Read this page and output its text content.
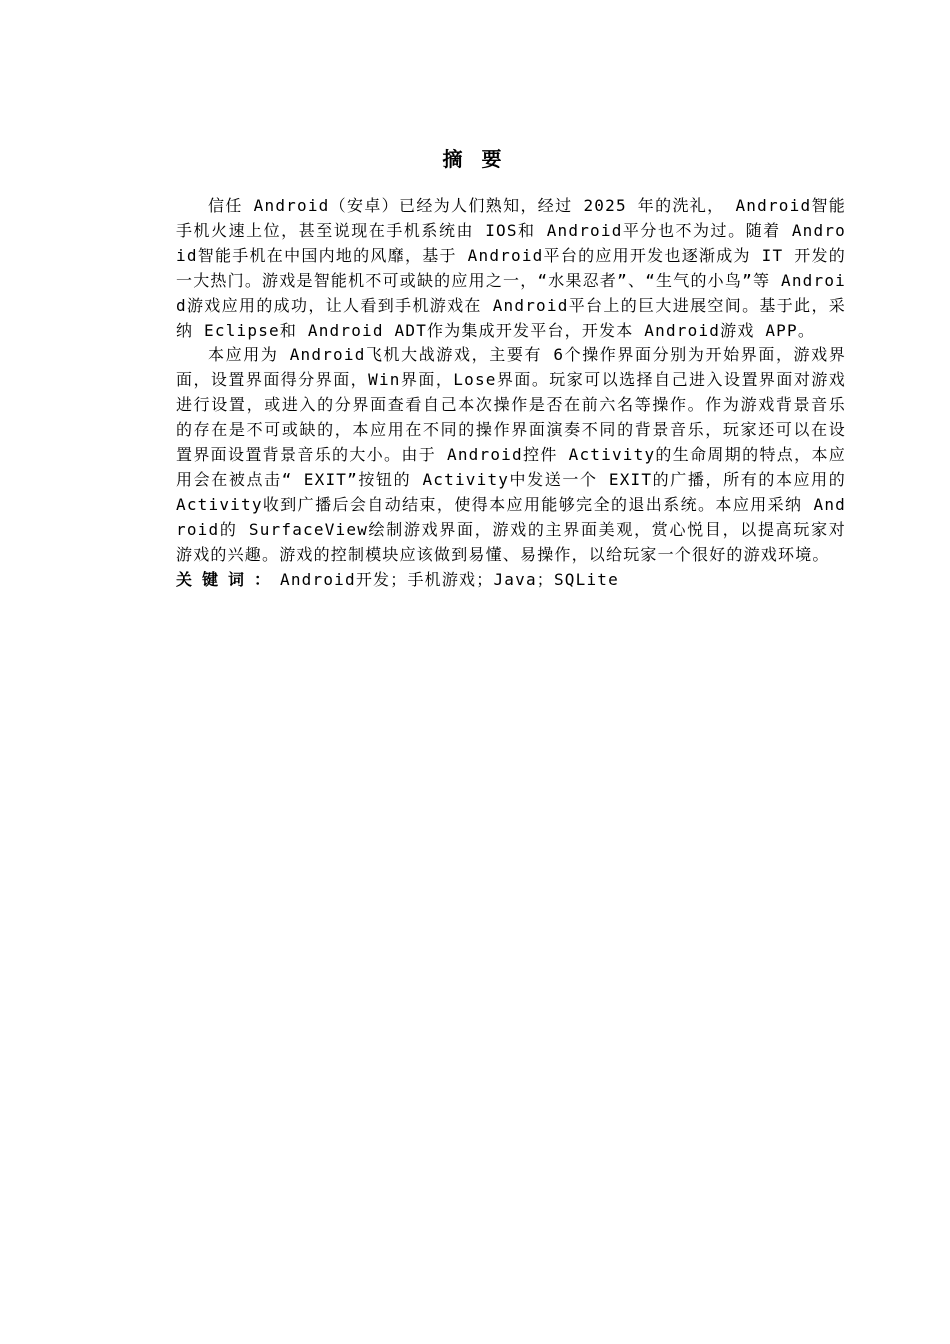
摘 要

信任 Android（安卓）已经为人们熟知，经过 2025 年的洗礼， Android智能手机火速上位，甚至说现在手机系统由 IOS和 Android平分也不为过。随着 Android智能手机在中国内地的风靡，基于 Android平台的应用开发也逐渐成为 IT 开发的一大热门。游戏是智能机不可或缺的应用之一，“水果忍者”、“生气的小鸟”等 Android游戏应用的成功，让人看到手机游戏在 Android平台上的巨大进展空间。基于此，采纳 Eclipse和 Android ADT作为集成开发平台，开发本 Android游戏 APP。

本应用为 Android飞机大战游戏，主要有 6个操作界面分别为开始界面，游戏界面，设置界面得分界面，Win界面，Lose界面。玩家可以选择自己进入设置界面对游戏进行设置，或进入的分界面查看自己本次操作是否在前六名等操作。作为游戏背景音乐的存在是不可或缺的，本应用在不同的操作界面演奏不同的背景音乐，玩家还可以在设置界面设置背景音乐的大小。由于 Android控件 Activity的生命周期的特点，本应用会在被点击“ EXIT”按钮的 Activity中发送一个 EXIT的广播，所有的本应用的 Activity收到广播后会自动结束，使得本应用能够完全的退出系统。本应用采纳 Android的 SurfaceView绘制游戏界面，游戏的主界面美观，赏心悦目，以提高玩家对游戏的兴趣。游戏的控制模块应该做到易懂、易操作，以给玩家一个很好的游戏环境。

关键词：Android开发；手机游戏；Java；SQLite
